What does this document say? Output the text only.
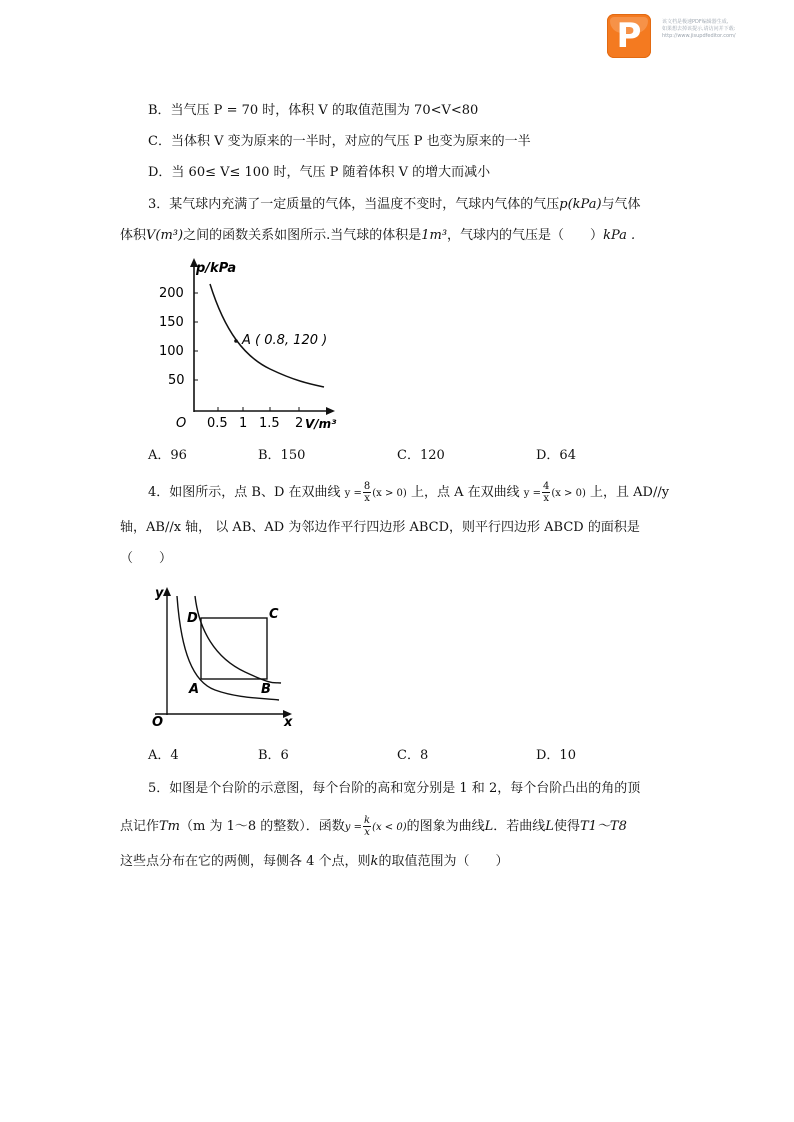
P	该文档是极速PDF编辑器生成,
如果想去掉该提示,请访问并下载:
http://www.jisupdfeditor.com/
B．当气压 P = 70 时，体积 V 的取值范围为 70<V<80
C．当体积 V 变为原来的一半时，对应的气压 P 也变为原来的一半
D．当 60≤ V≤ 100 时，气压 P 随着体积 V 的增大而减小
3．某气球内充满了一定质量的气体，当温度不变时，气球内气体的气压p(kPa)与气体
体积V(m³)之间的函数关系如图所示.当气球的体积是1m³，气球内的气压是（　　）kPa .
p/kPa
V/m³
O
200
150
100
50
0.5 1 1.5 2
A ( 0.8, 120 )
A．96	B．150	C．120	D．64
4．如图所示，点 B、D 在双曲线 $y = \frac{8}{x} (x > 0)$ 上，点 A 在双曲线 $y = \frac{4}{x} (x > 0)$ 上，且 AD//y
轴，AB//x 轴， 以 AB、AD 为邻边作平行四边形 ABCD，则平行四边形 ABCD 的面积是
（　　）
y
x
O
D	C
A	B
A．4	B．6	C．8	D．10
5．如图是个台阶的示意图，每个台阶的高和宽分别是 1 和 2，每个台阶凸出的角的顶
点记作Tm（m 为 1～8 的整数）．函数$y = \frac{k}{x} (x < 0)$的图象为曲线L．若曲线L使得T1～T8
这些点分布在它的两侧，每侧各 4 个点，则k的取值范围为（　　）
